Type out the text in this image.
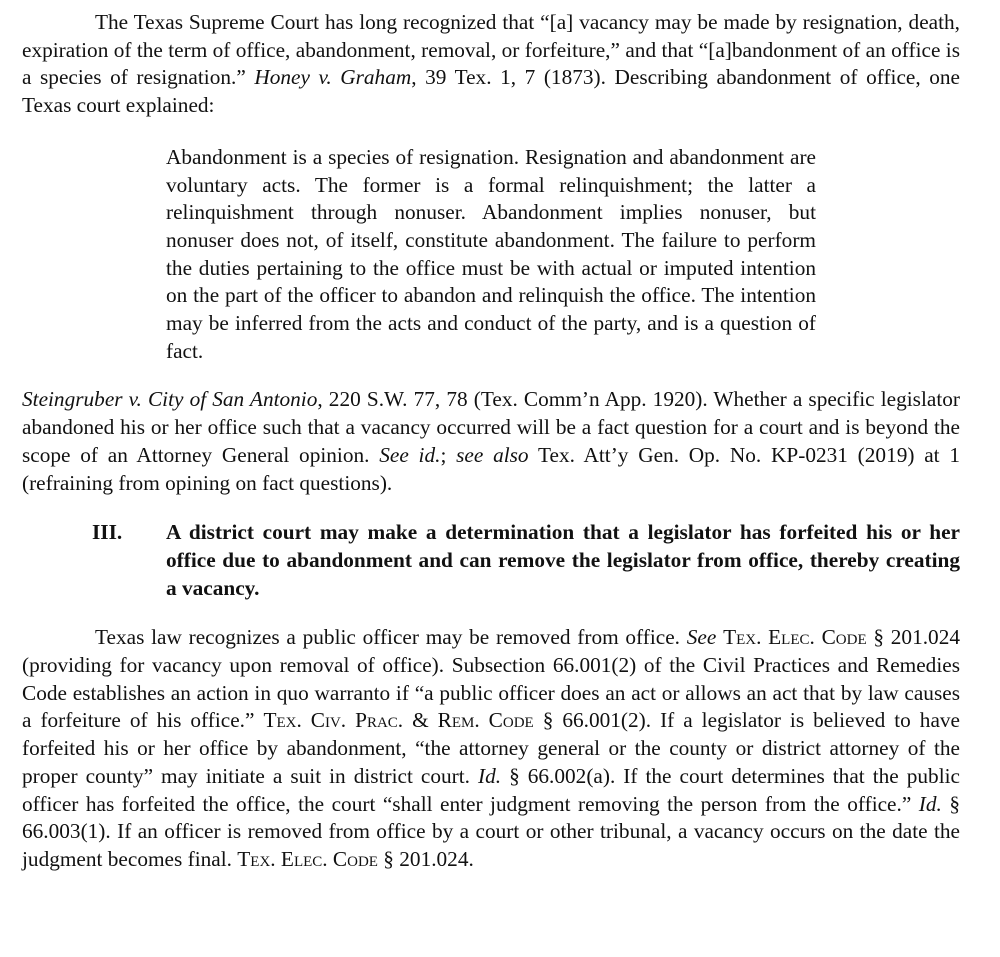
The Texas Supreme Court has long recognized that “[a] vacancy may be made by resignation, death, expiration of the term of office, abandonment, removal, or forfeiture,” and that “[a]bandonment of an office is a species of resignation.” Honey v. Graham, 39 Tex. 1, 7 (1873). Describing abandonment of office, one Texas court explained:

Abandonment is a species of resignation. Resignation and abandonment are voluntary acts. The former is a formal relinquishment; the latter a relinquishment through nonuser. Abandonment implies nonuser, but nonuser does not, of itself, constitute abandonment. The failure to perform the duties pertaining to the office must be with actual or imputed intention on the part of the officer to abandon and relinquish the office. The intention may be inferred from the acts and conduct of the party, and is a question of fact.

Steingruber v. City of San Antonio, 220 S.W. 77, 78 (Tex. Comm’n App. 1920). Whether a specific legislator abandoned his or her office such that a vacancy occurred will be a fact question for a court and is beyond the scope of an Attorney General opinion. See id.; see also Tex. Att’y Gen. Op. No. KP-0231 (2019) at 1 (refraining from opining on fact questions).

III. A district court may make a determination that a legislator has forfeited his or her office due to abandonment and can remove the legislator from office, thereby creating a vacancy.

Texas law recognizes a public officer may be removed from office. See Tex. Elec. Code § 201.024 (providing for vacancy upon removal of office). Subsection 66.001(2) of the Civil Practices and Remedies Code establishes an action in quo warranto if “a public officer does an act or allows an act that by law causes a forfeiture of his office.” Tex. Civ. Prac. & Rem. Code § 66.001(2). If a legislator is believed to have forfeited his or her office by abandonment, “the attorney general or the county or district attorney of the proper county” may initiate a suit in district court. Id. § 66.002(a). If the court determines that the public officer has forfeited the office, the court “shall enter judgment removing the person from the office.” Id. § 66.003(1). If an officer is removed from office by a court or other tribunal, a vacancy occurs on the date the judgment becomes final. Tex. Elec. Code § 201.024.
